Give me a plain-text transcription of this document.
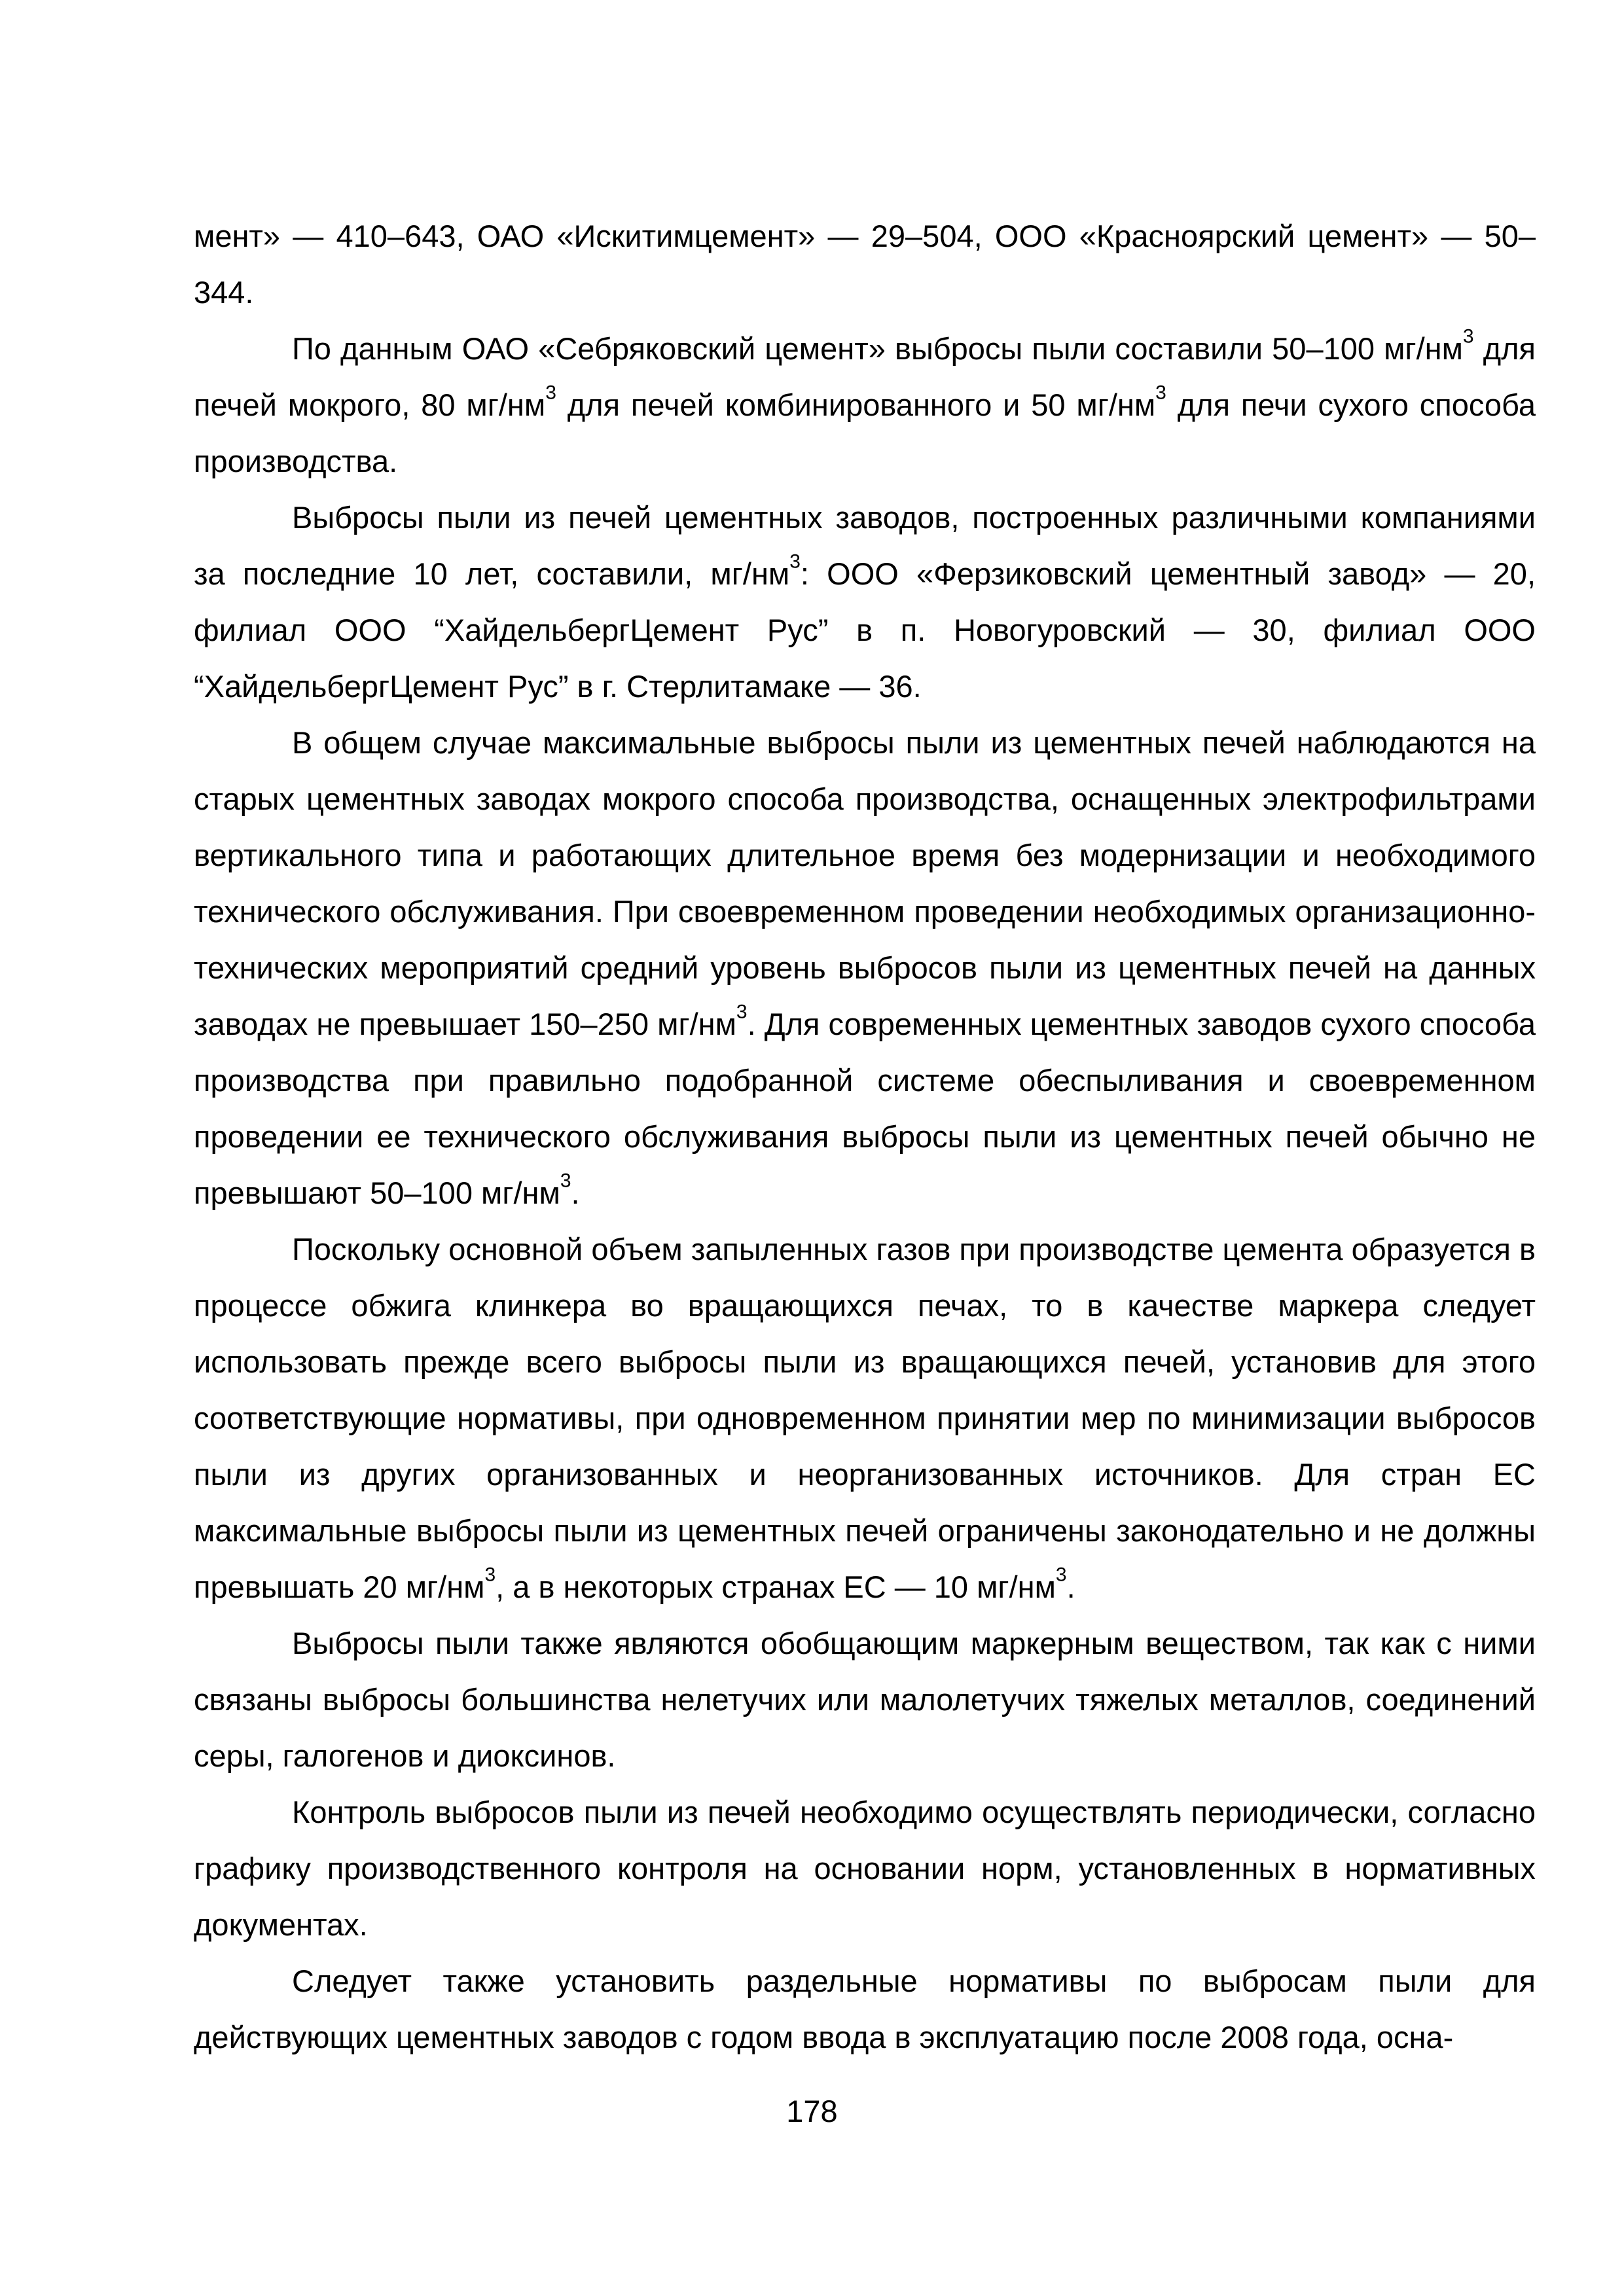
мент» — 410–643, ОАО «Искитимцемент» — 29–504, ООО «Красноярский цемент» — 50–344.

По данным ОАО «Себряковский цемент» выбросы пыли составили 50–100 $мг/нм^3$ для печей мокрого, 80 $мг/нм^3$ для печей комбинированного и 50 $мг/нм^3$ для печи сухого способа производства.

Выбросы пыли из печей цементных заводов, построенных различными компаниями за последние 10 лет, составили, $мг/нм^3$: ООО «Ферзиковский цементный завод» — 20, филиал ООО “ХайдельбергЦемент Рус” в п. Новогуровский — 30, филиал ООО “ХайдельбергЦемент Рус” в г. Стерлитамаке — 36.

В общем случае максимальные выбросы пыли из цементных печей наблюдаются на старых цементных заводах мокрого способа производства, оснащенных электрофильтрами вертикального типа и работающих длительное время без модернизации и необходимого технического обслуживания. При своевременном проведении необходимых организационно-технических мероприятий средний уровень выбросов пыли из цементных печей на данных заводах не превышает 150–250 $мг/нм^3$. Для современных цементных заводов сухого способа производства при правильно подобранной системе обеспыливания и своевременном проведении ее технического обслуживания выбросы пыли из цементных печей обычно не превышают 50–100 $мг/нм^3$.

Поскольку основной объем запыленных газов при производстве цемента образуется в процессе обжига клинкера во вращающихся печах, то в качестве маркера следует использовать прежде всего выбросы пыли из вращающихся печей, установив для этого соответствующие нормативы, при одновременном принятии мер по минимизации выбросов пыли из других организованных и неорганизованных источников. Для стран ЕС максимальные выбросы пыли из цементных печей ограничены законодательно и не должны превышать 20 $мг/нм^3$, а в некоторых странах ЕС — 10 $мг/нм^3$.

Выбросы пыли также являются обобщающим маркерным веществом, так как с ними связаны выбросы большинства нелетучих или малолетучих тяжелых металлов, соединений серы, галогенов и диоксинов.

Контроль выбросов пыли из печей необходимо осуществлять периодически, согласно графику производственного контроля на основании норм, установленных в нормативных документах.

Следует также установить раздельные нормативы по выбросам пыли для действующих цементных заводов с годом ввода в эксплуатацию после 2008 года, осна-

178
